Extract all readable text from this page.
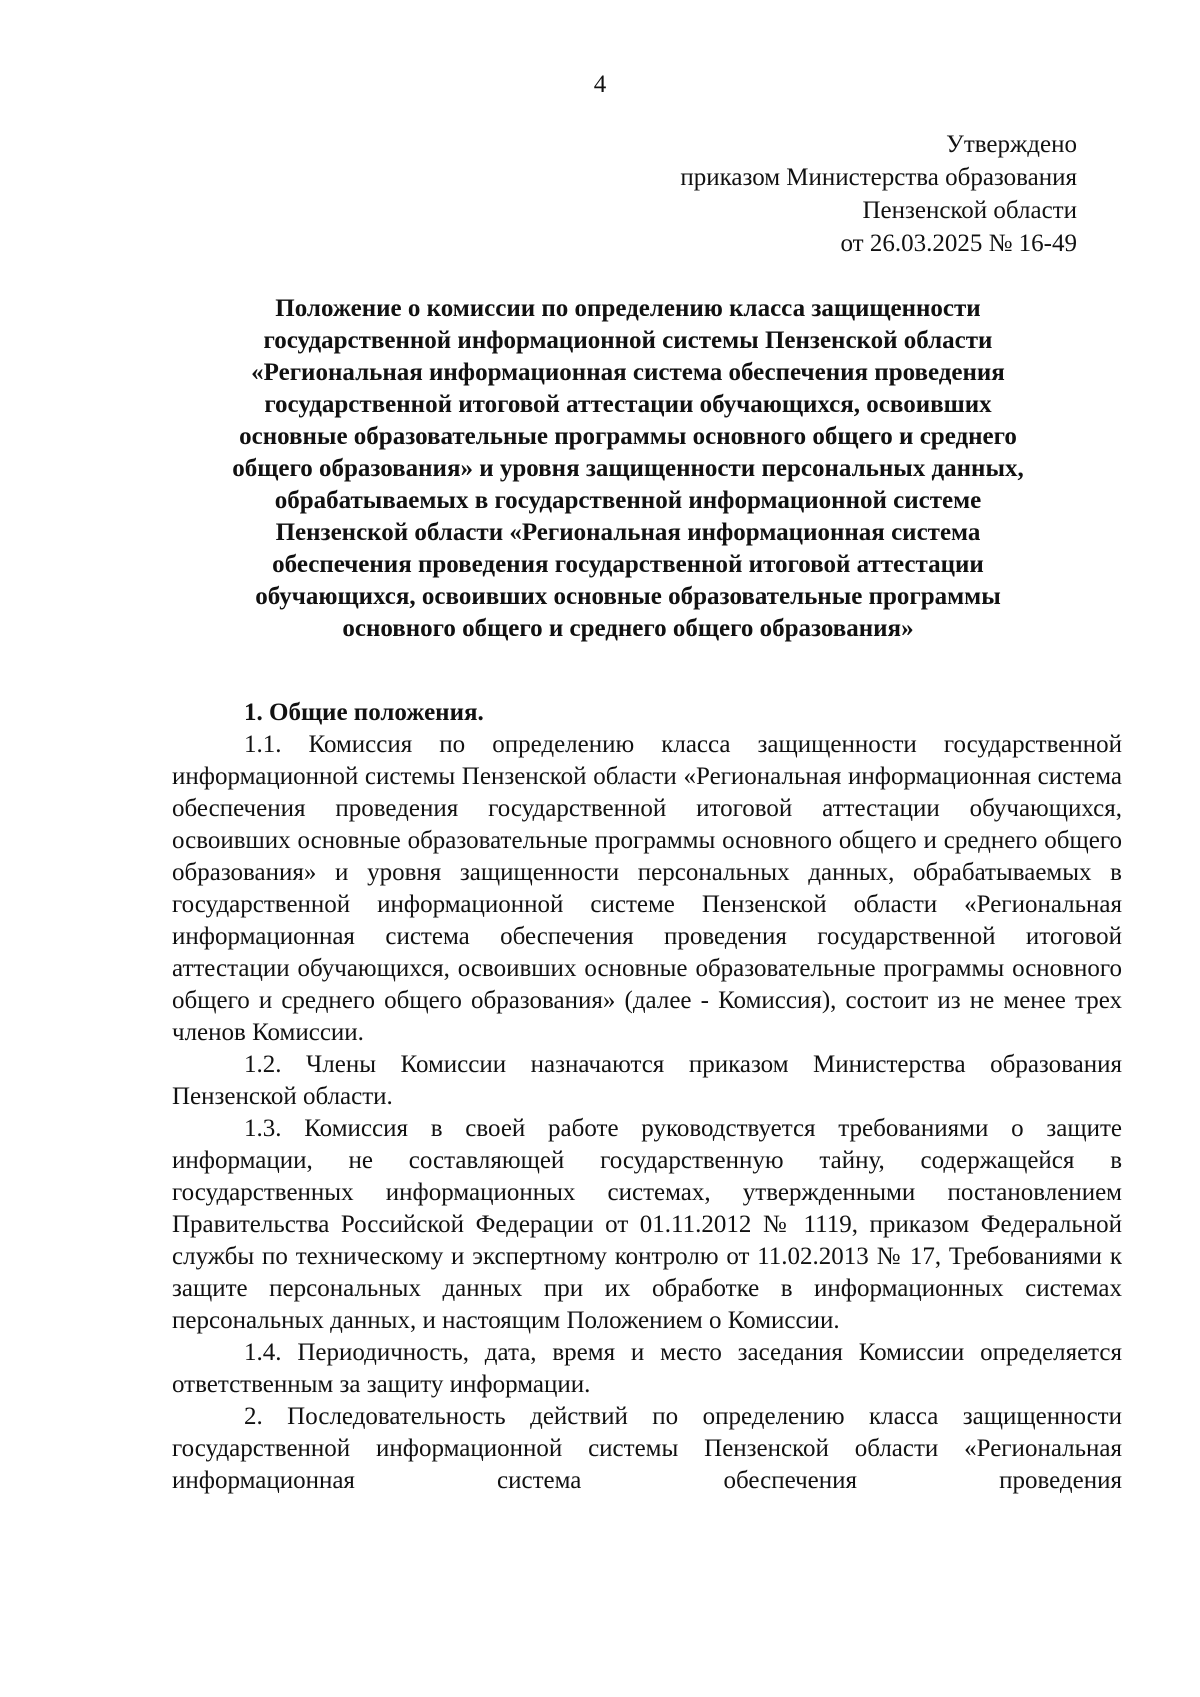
4
Утверждено
приказом Министерства образования
Пензенской области
от 26.03.2025 № 16-49
Положение о комиссии по определению класса защищенности
государственной информационной системы Пензенской области
«Региональная информационная система обеспечения проведения
государственной итоговой аттестации обучающихся, освоивших
основные образовательные программы основного общего и среднего
общего образования» и уровня защищенности персональных данных,
обрабатываемых в государственной информационной системе
Пензенской области «Региональная информационная система
обеспечения проведения государственной итоговой аттестации
обучающихся, освоивших основные образовательные программы
основного общего и среднего общего образования»

1. Общие положения.

1.1. Комиссия по определению класса защищенности государственной информационной системы Пензенской области «Региональная информационная система обеспечения проведения государственной итоговой аттестации обучающихся, освоивших основные образовательные программы основного общего и среднего общего образования» и уровня защищенности персональных данных, обрабатываемых в государственной информационной системе Пензенской области «Региональная информационная система обеспечения проведения государственной итоговой аттестации обучающихся, освоивших основные образовательные программы основного общего и среднего общего образования» (далее - Комиссия), состоит из не менее трех членов Комиссии.

1.2. Члены Комиссии назначаются приказом Министерства образования Пензенской области.

1.3. Комиссия в своей работе руководствуется требованиями о защите информации, не составляющей государственную тайну, содержащейся в государственных информационных системах, утвержденными постановлением Правительства Российской Федерации от 01.11.2012 № 1119, приказом Федеральной службы по техническому и экспертному контролю от 11.02.2013 № 17, Требованиями к защите персональных данных при их обработке в информационных системах персональных данных, и настоящим Положением о Комиссии.

1.4. Периодичность, дата, время и место заседания Комиссии определяется ответственным за защиту информации.

2. Последовательность действий по определению класса защищенности государственной информационной системы Пензенской области «Региональная информационная система обеспечения проведения
